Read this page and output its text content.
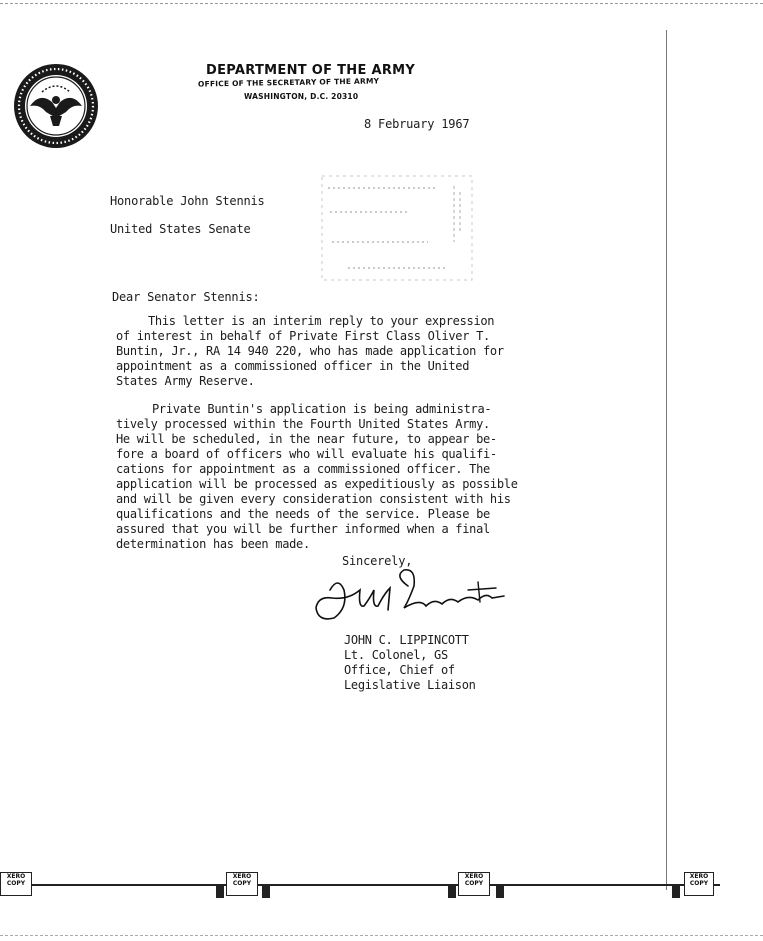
DEPARTMENT OF THE ARMY
OFFICE OF THE SECRETARY OF THE ARMY
WASHINGTON, D.C. 20310
8 February 1967
Honorable John Stennis
United States Senate
Dear Senator Stennis:
This letter is an interim reply to your expression
of interest in behalf of Private First Class Oliver T.
Buntin, Jr., RA 14 940 220, who has made application for
appointment as a commissioned officer in the United
States Army Reserve.
Private Buntin's application is being administra-
tively processed within the Fourth United States Army.
He will be scheduled, in the near future, to appear be-
fore a board of officers who will evaluate his qualifi-
cations for appointment as a commissioned officer. The
application will be processed as expeditiously as possible
and will be given every consideration consistent with his
qualifications and the needs of the service. Please be
assured that you will be further informed when a final
determination has been made.
Sincerely,
JOHN C. LIPPINCOTT
Lt. Colonel, GS
Office, Chief of
Legislative Liaison
XERO
COPY
XERO
COPY
XERO
COPY
XERO
COPY
